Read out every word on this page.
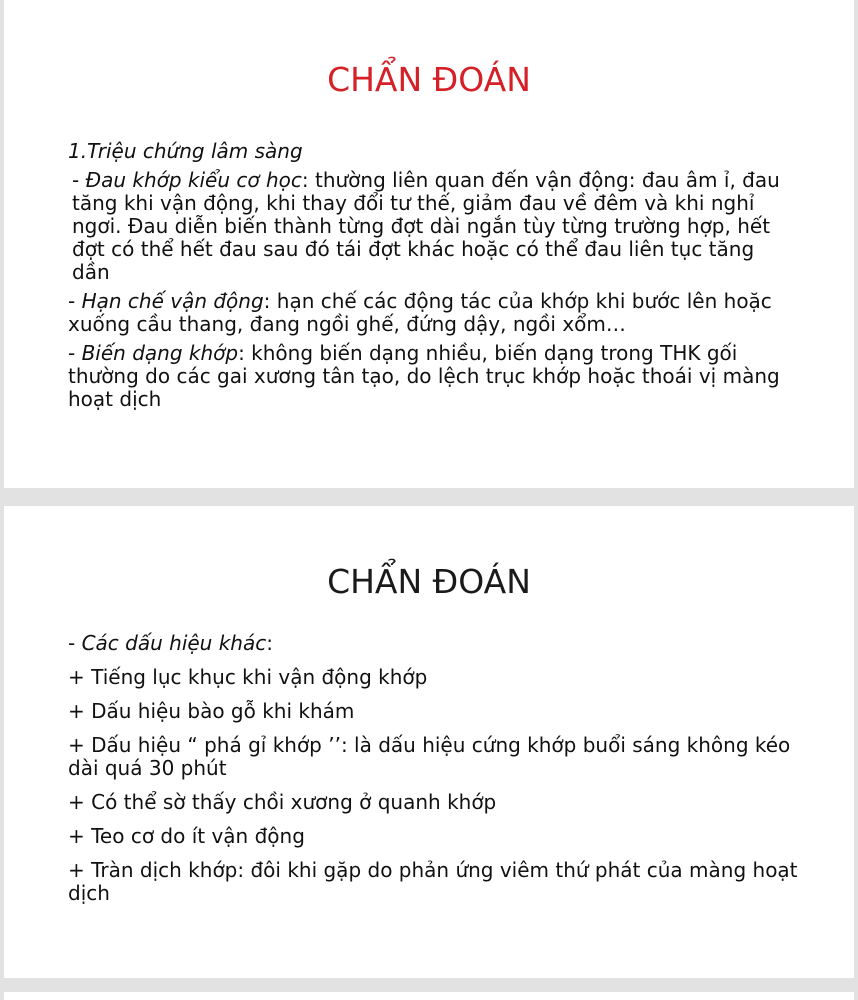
CHẨN ĐOÁN

1.Triệu chứng lâm sàng

- Đau khớp kiểu cơ học: thường liên quan đến vận động: đau âm ỉ, đau tăng khi vận động, khi thay đổi tư thế, giảm đau về đêm và khi nghỉ ngơi. Đau diễn biến thành từng đợt dài ngắn tùy từng trường hợp, hết đợt có thể hết đau sau đó tái đợt khác hoặc có thể đau liên tục tăng dần

- Hạn chế vận động: hạn chế các động tác của khớp khi bước lên hoặc xuống cầu thang, đang ngồi ghế, đứng dậy, ngồi xổm…

- Biến dạng khớp: không biến dạng nhiều, biến dạng trong THK gối thường do các gai xương tân tạo, do lệch trục khớp hoặc thoái vị màng hoạt dịch

CHẨN ĐOÁN

- Các dấu hiệu khác:

+ Tiếng lục khục khi vận động khớp

+ Dấu hiệu bào gỗ khi khám

+ Dấu hiệu “ phá gỉ khớp ’’: là dấu hiệu cứng khớp buổi sáng không kéo dài quá 30 phút

+ Có thể sờ thấy chồi xương ở quanh khớp

+ Teo cơ do ít vận động

+ Tràn dịch khớp: đôi khi gặp do phản ứng viêm thứ phát của màng hoạt dịch
